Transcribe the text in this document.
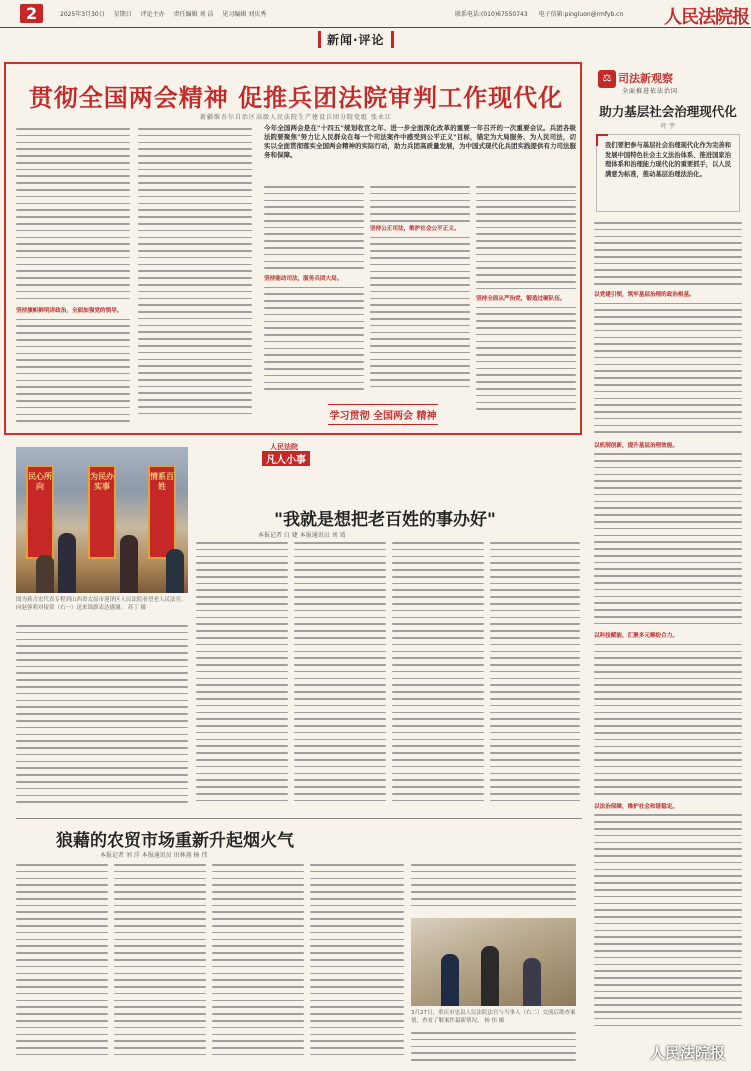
2	2025年3月30日 星期日 评论主办 责任编辑 刘 洁 见习编辑 刘庆秀	联系电话:(010)67550743 电子信箱:pingluon@rmfyb.cn	人民法院报
新闻·评论
贯彻全国两会精神 促推兵团法院审判工作现代化
新疆维吾尔自治区高级人民法院生产建设兵团分院党组 张永江
坚持旗帜鲜明讲政治，全面加强党的领导。
今年全国两会是在"十四五"规划收官之年、进一步全面深化改革的重要一年召开的一次重要会议。兵团各级法院要聚焦"努力让人民群众在每一个司法案件中感受到公平正义"目标，锚定为大局服务、为人民司法，切实以全面贯彻落实全国两会精神的实际行动，助力兵团高质量发展，为中国式现代化兵团实践提供有力司法服务和保障。
坚持能动司法，服务兵团大局。
坚持公正司法，维护社会公平正义。
坚持全面从严治党，锻造过硬队伍。
学习贯彻 全国两会 精神
⚖ 司法新观察
全面推进依法治国
助力基层社会治理现代化
叶 宇
我们要把参与基层社会治理现代化作为完善和发展中国特色社会主义法治体系、推进国家治理体系和治理能力现代化的重要抓手，以人民满意为标准，推动基层治理法治化。
以党建引领，筑牢基层治理的政治根基。
以机制创新，提升基层治理效能。
以科技赋能，汇聚多元解纷合力。
以法治保障，维护社会和谐稳定。
人民法院
凡人小事
民心所向
为民办实事
情系百姓
图为蒋吉宏代表专程到山西省太原市迎泽区人民法院看望老人民法官。向赵蓉莉对接常（右一）送来锦旗表达感谢。 苏丁 摄
"我就是想把老百姓的事办好"
本报记者 白 婕 本报通讯员 刘 靖
狼藉的农贸市场重新升起烟火气
本报记者 刘 洋 本报通讯员 田林燕 杨 伟
3月27日，重庆市忠县人民法院法官与当事人（右二）交流后勘查案情，查看了解案件最新情况。 杨 伟 摄
人民法院报
